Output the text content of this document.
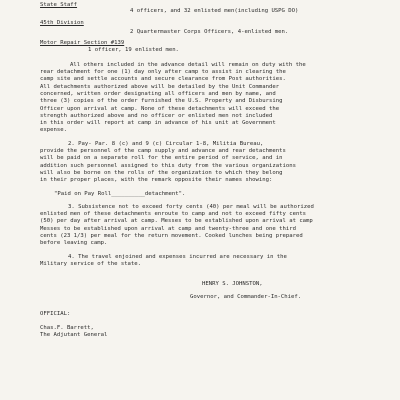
State Staff
4 officers, and 32 enlisted men(including USPG DO)
45th Division
2 Quartermaster Corps Officers, 4-enlisted men.
Motor Repair Section #139
1 officer, 19 enlisted men.
All others included in the advance detail will remain on duty with the
rear detachment for one (1) day only after camp to assist in clearing the
camp site and settle accounts and secure clearance from Post authorities.
All detachments authorized above will be detailed by the Unit Commander
concerned, written order designating all officers and men by name, and
three (3) copies of the order furnished the U.S. Property and Disbursing
Officer upon arrival at camp. None of these detachments will exceed the
strength authorized above and no officer or enlisted men not included
in this order will report at camp in advance of his unit at Government
expense.
2. Pay- Par. 8 (c) and 9 (c) Circular 1-8, Militia Bureau,
provide the personnel of the camp supply and advance and rear detachments
will be paid on a separate roll for the entire period of service, and in
addition such personnel assigned to this duty from the various organizations
will also be borne on the rolls of the organization to which they belong
in their proper places, with the remark opposite their names showing:
"Paid on Pay Roll__________detachment".
3. Subsistence not to exceed forty cents (40) per meal will be authorized
enlisted men of these detachments enroute to camp and not to exceed fifty cents
(50) per day after arrival at camp. Messes to be established upon arrival at camp
Messes to be established upon arrival at camp and twenty-three and one third
cents (23 1/3) per meal for the return movement. Cooked lunches being prepared
before leaving camp.
4. The travel enjoined and expenses incurred are necessary in the
Military service of the state.
HENRY S. JOHNSTON,
Governor, and Commander-In-Chief.
OFFICIAL:
Chas.F. Barrett,
The Adjutant General
